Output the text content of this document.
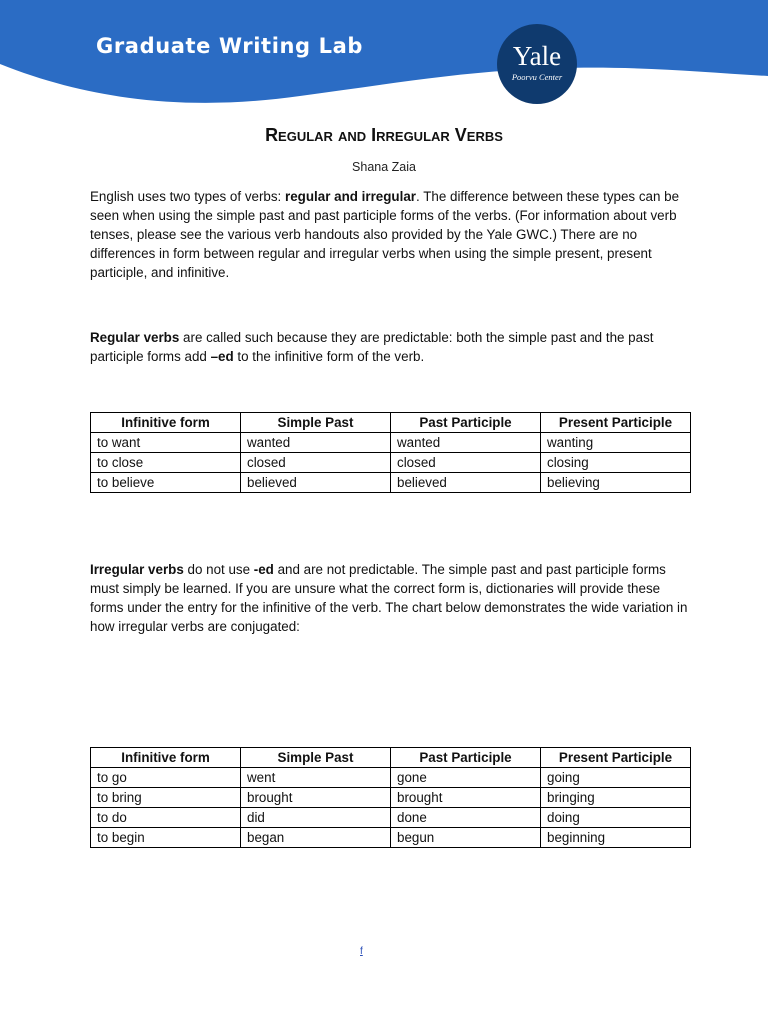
Graduate Writing Lab	Yale
Poorvu Center
Regular and Irregular Verbs
Shana Zaia

English uses two types of verbs: regular and irregular. The difference between these types can be seen when using the simple past and past participle forms of the verbs. (For information about verb tenses, please see the various verb handouts also provided by the Yale GWC.) There are no differences in form between regular and irregular verbs when using the simple present, present participle, and infinitive.

Regular verbs are called such because they are predictable: both the simple past and the past participle forms add –ed to the infinitive form of the verb.

Infinitive form	Simple Past	Past Participle	Present Participle
to want	wanted	wanted	wanting
to close	closed	closed	closing
to believe	believed	believed	believing

Irregular verbs do not use -ed and are not predictable. The simple past and past participle forms must simply be learned. If you are unsure what the correct form is, dictionaries will provide these forms under the entry for the infinitive of the verb. The chart below demonstrates the wide variation in how irregular verbs are conjugated:

Infinitive form	Simple Past	Past Participle	Present Participle
to go	went	gone	going
to bring	brought	brought	bringing
to do	did	done	doing
to begin	began	begun	beginning
f
